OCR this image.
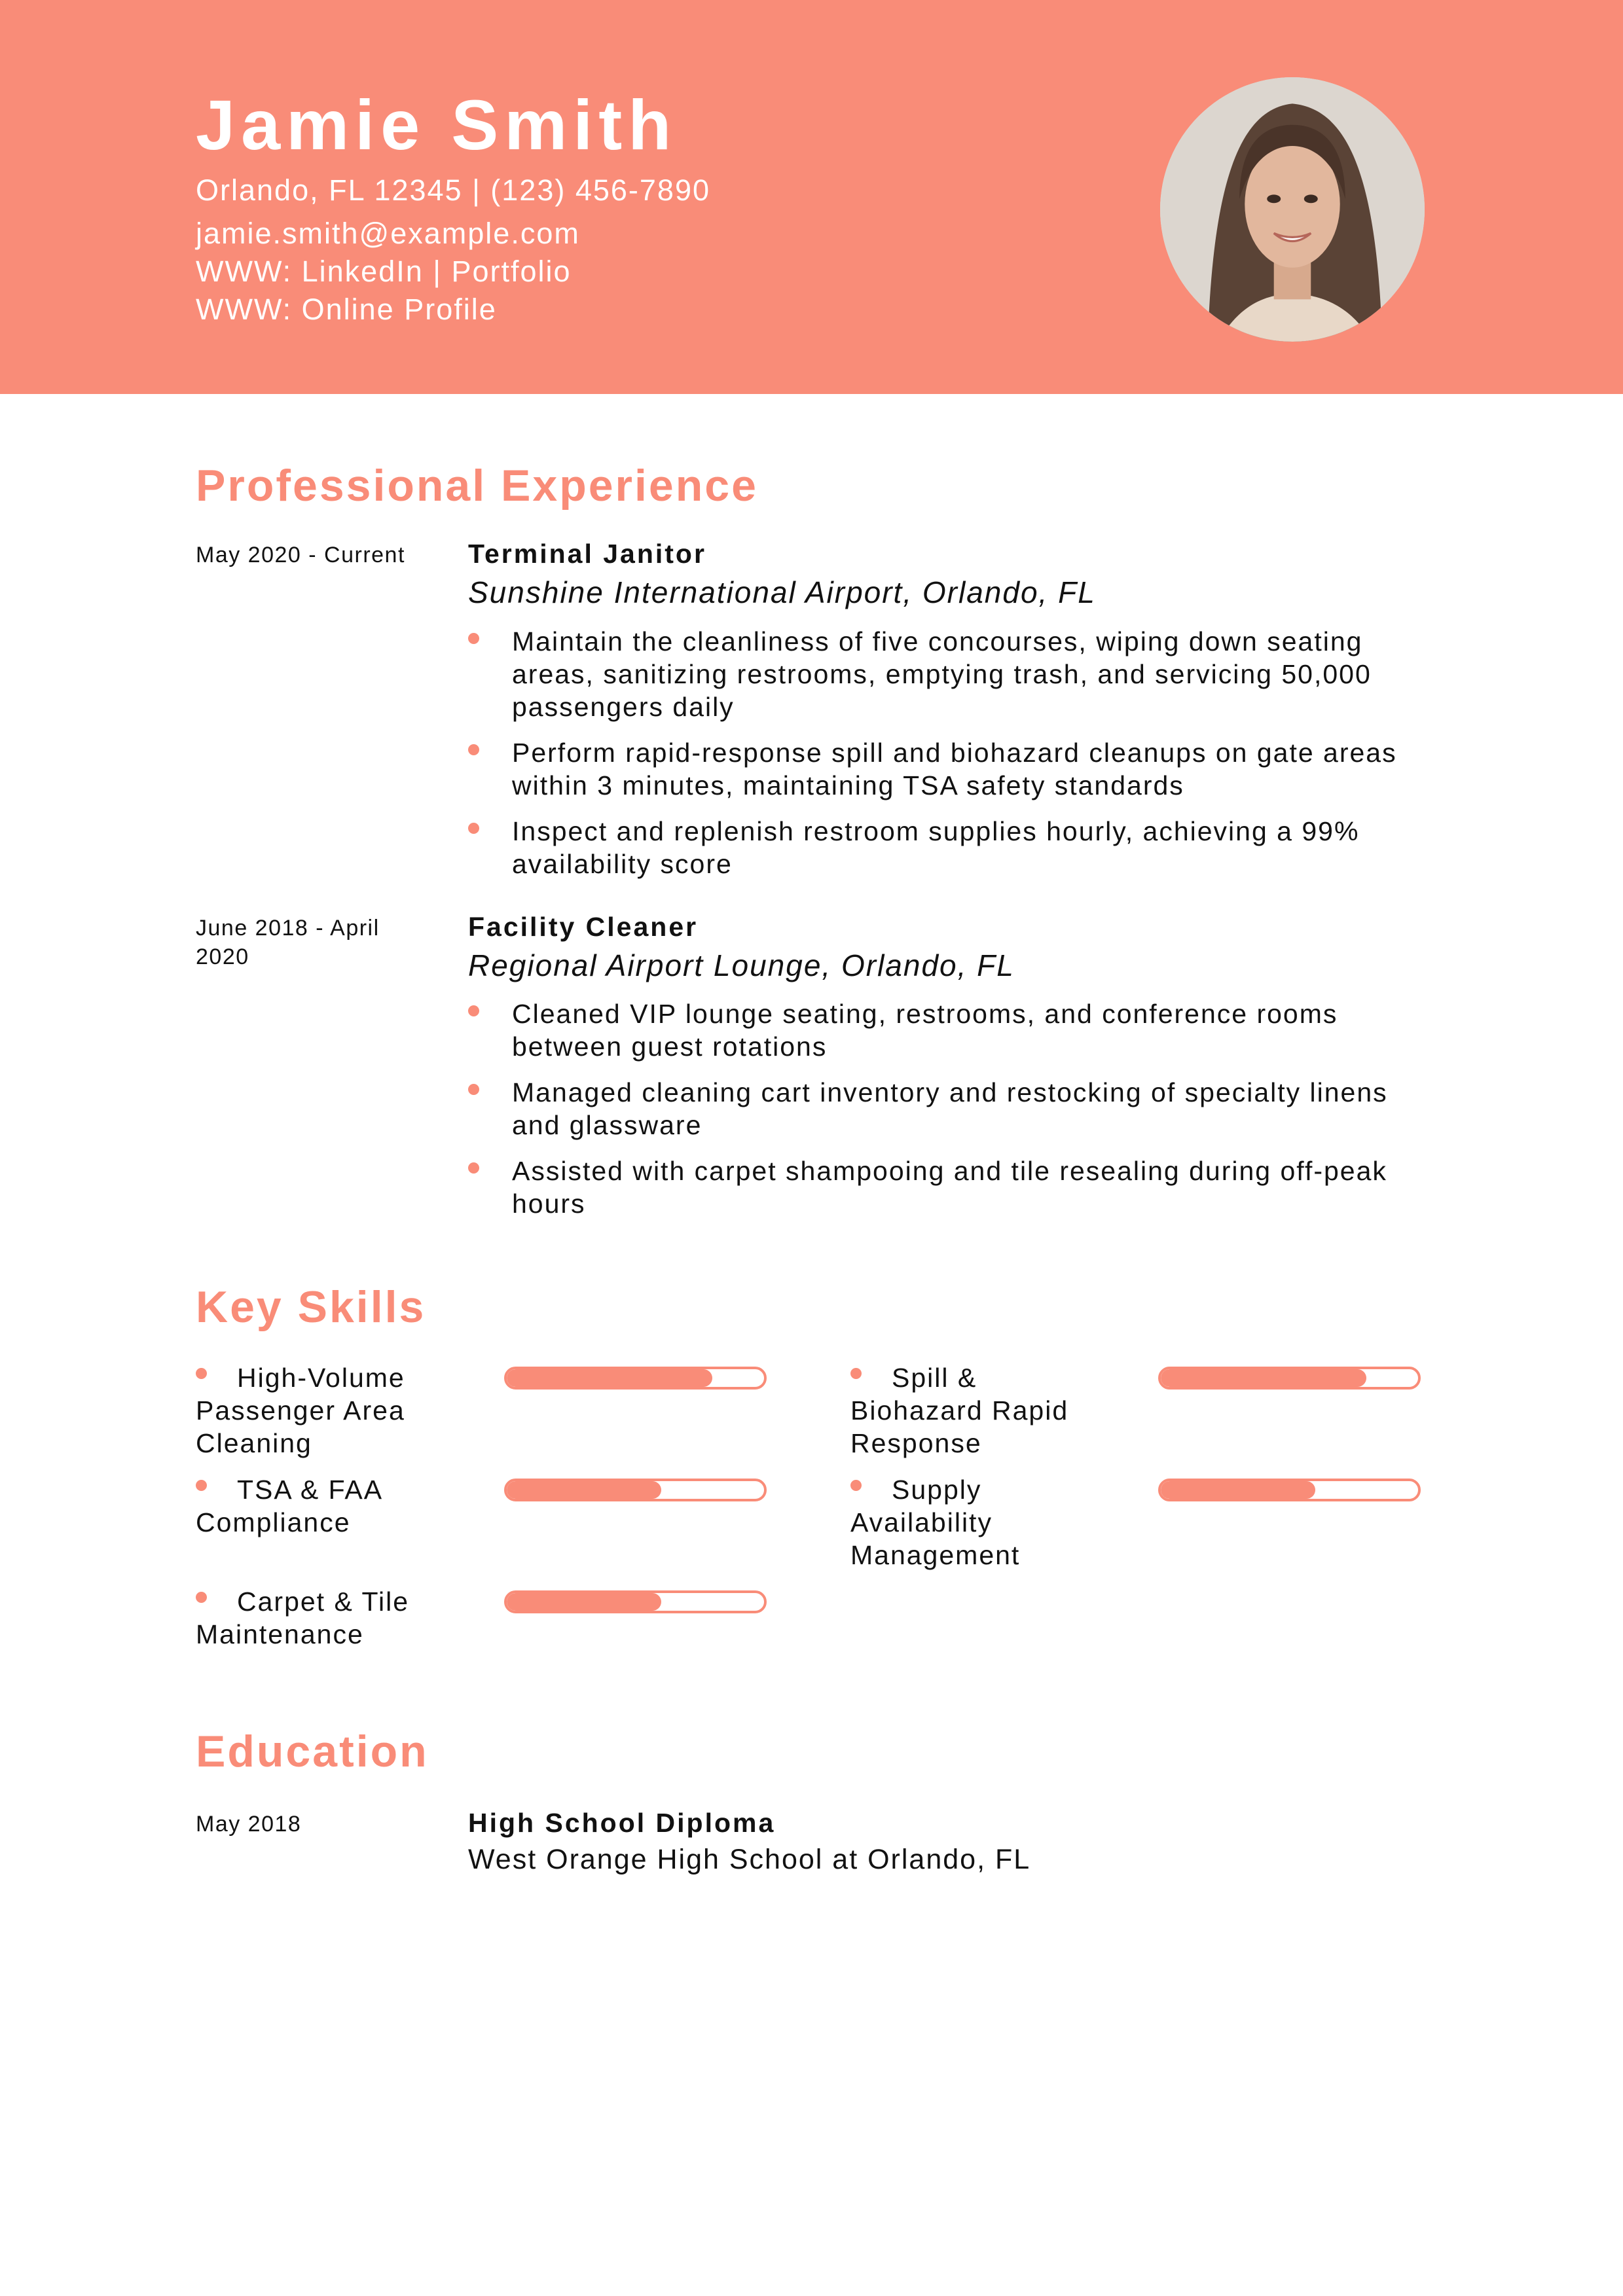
Jamie Smith
Orlando, FL 12345 | (123) 456-7890
jamie.smith@example.com
WWW: LinkedIn | Portfolio
WWW: Online Profile
Professional Experience
May 2020 - Current	Terminal Janitor
Sunshine International Airport, Orlando, FL
Maintain the cleanliness of five concourses, wiping down seating areas, sanitizing restrooms, emptying trash, and servicing 50,000 passengers daily
Perform rapid-response spill and biohazard cleanups on gate areas within 3 minutes, maintaining TSA safety standards
Inspect and replenish restroom supplies hourly, achieving a 99% availability score
June 2018 - April 2020
Facility Cleaner
Regional Airport Lounge, Orlando, FL
Cleaned VIP lounge seating, restrooms, and conference rooms between guest rotations
Managed cleaning cart inventory and restocking of specialty linens and glassware
Assisted with carpet shampooing and tile resealing during off-peak hours
Key Skills
High-Volume Passenger Area Cleaning
Spill & Biohazard Rapid Response
TSA & FAA Compliance
Supply Availability Management
Carpet & Tile Maintenance
Education
May 2018	High School Diploma
West Orange High School at Orlando, FL
